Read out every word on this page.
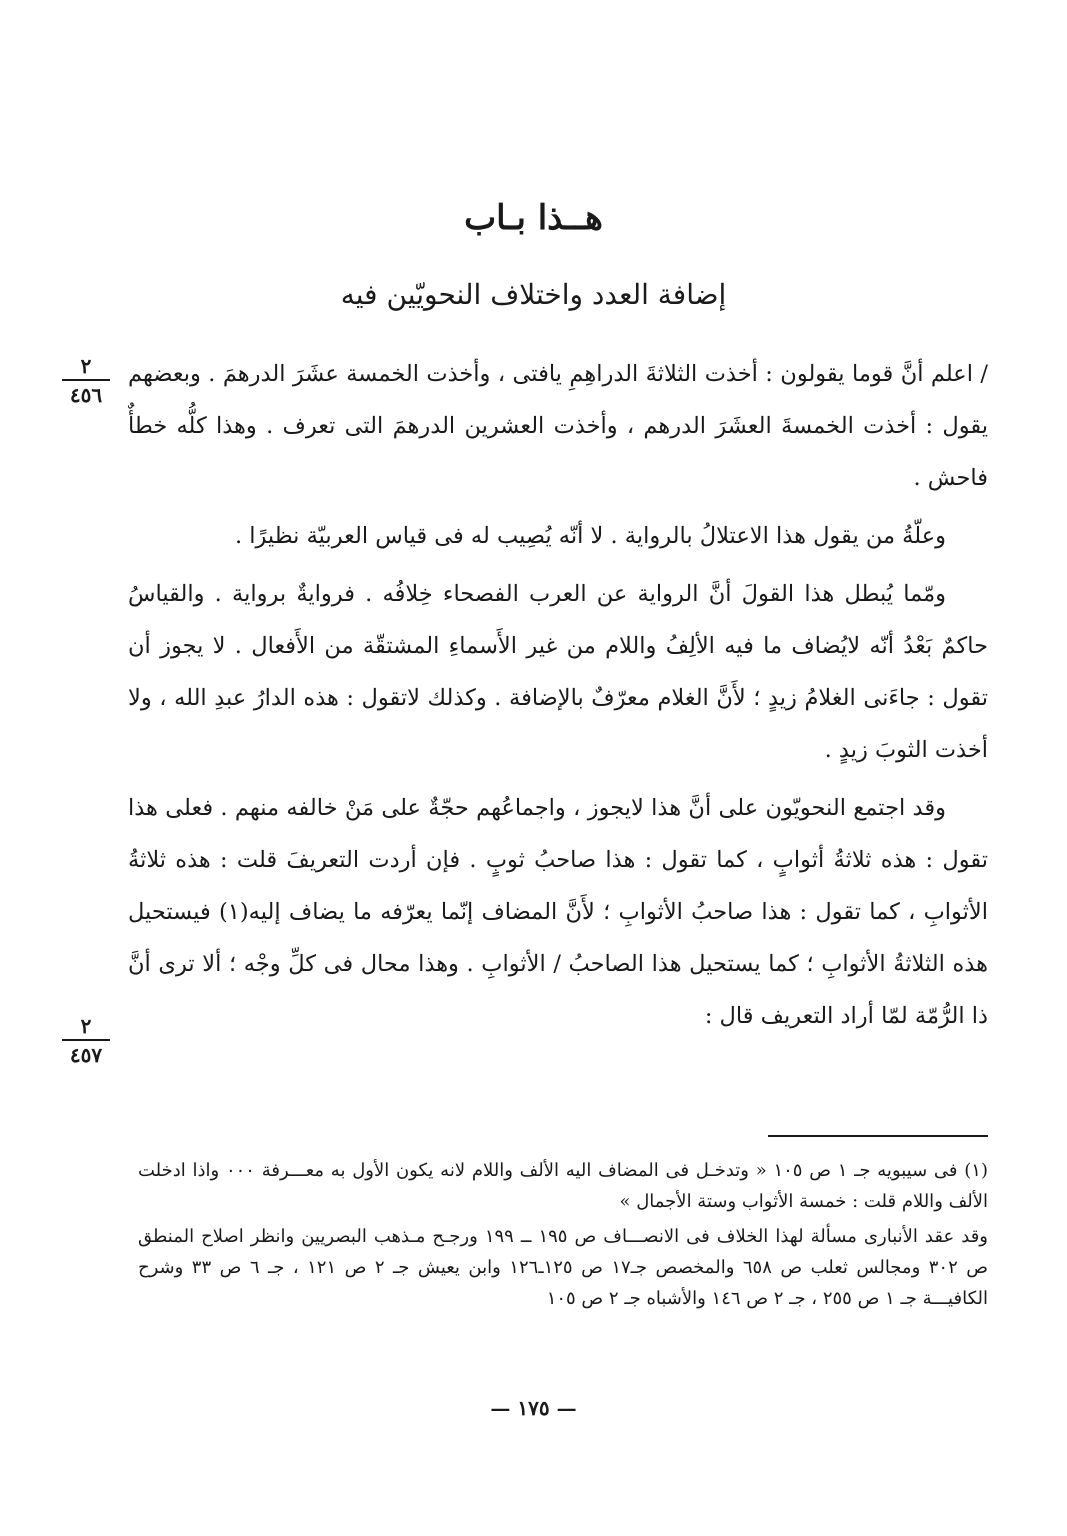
هــذا بـاب
إضافة العدد واختلاف النحويّين فيه
٢
٤٥٦
٢
٤٥٧

/ اعلم أنَّ قوما يقولون : أخذت الثلاثةَ الدراهِمِ يافتى ، وأخذت الخمسة عشَرَ الدرهمَ . وبعضهم يقول : أخذت الخمسةَ العشَرَ الدرهم ، وأخذت العشرين الدرهمَ التى تعرف . وهذا كلُّه خطأٌ فاحش .

وعلّةُ من يقول هذا الاعتلالُ بالرواية . لا أنّه يُصِيب له فى قياس العربيّة نظيرًا .

ومّما يُبطل هذا القولَ أنَّ الرواية عن العرب الفصحاء خِلافُه . فروايةٌ برواية . والقياسُ حاكمٌ بَعْدُ أنّه لايُضاف ما فيه الألِفُ واللام من غير الأَسماءِ المشتقّة من الأَفعال . لا يجوز أن تقول : جاءَنى الغلامُ زيدٍ ؛ لأَنَّ الغلام معرّفٌ بالإضافة . وكذلك لاتقول : هذه الدارُ عبدِ الله ، ولا أخذت الثوبَ زيدٍ .

وقد اجتمع النحويّون على أنَّ هذا لايجوز ، واجماعُهم حجّةٌ على مَنْ خالفه منهم . فعلى هذا تقول : هذه ثلاثةُ أثوابٍ ، كما تقول : هذا صاحبُ ثوبٍ . فإن أردت التعريفَ قلت : هذه ثلاثةُ الأثوابِ ، كما تقول : هذا صاحبُ الأثوابِ ؛ لأَنَّ المضاف إنّما يعرّفه ما يضاف إليه(١) فيستحيل هذه الثلاثةُ الأثوابِ ؛ كما يستحيل هذا الصاحبُ / الأثوابِ . وهذا محال فى كلِّ وجْه ؛ ألا ترى أنَّ ذا الرُّمّة لمّا أراد التعريف قال :

(١) فى سيبويه جـ ١ ص ١٠٥ « وتدخـل فى المضاف اليه الألف واللام لانه يكون الأول به معـــرفة ٠٠٠ واذا ادخلت الألف واللام قلت : خمسة الأثواب وستة الأجمال »

وقد عقد الأنبارى مسألة لهذا الخلاف فى الانصـــاف ص ١٩٥ ــ ١٩٩ ورجـح مـذهب البصريين وانظر اصلاح المنطق ص ٣٠٢ ومجالس ثعلب ص ٦٥٨ والمخصص جـ١٧ ص ١٢٥ـ١٢٦ وابن يعيش جـ ٢ ص ١٢١ ، جـ ٦ ص ٣٣ وشرح الكافيـــة جـ ١ ص ٢٥٥ ، جـ ٢ ص ١٤٦ والأشباه جـ ٢ ص ١٠٥

— ١٧٥ —
